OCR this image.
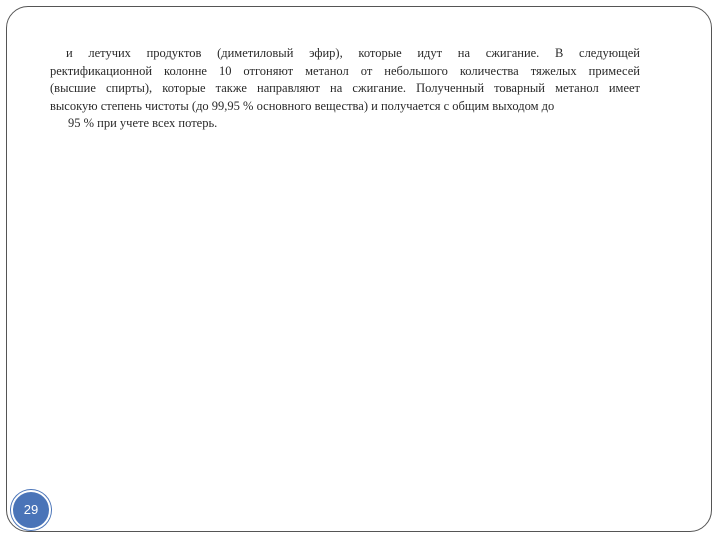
и летучих продуктов (диметиловый эфир), которые идут на сжигание. В следующей
ректификационной колонне 10 отгоняют метанол от небольшого количества тяжелых примесей
(высшие спирты), которые также направляют на сжигание. Полученный товарный метанол имеет
высокую степень чистоты (до 99,95 % основного вещества) и получается с общим выходом до
95 % при учете всех потерь.
29
